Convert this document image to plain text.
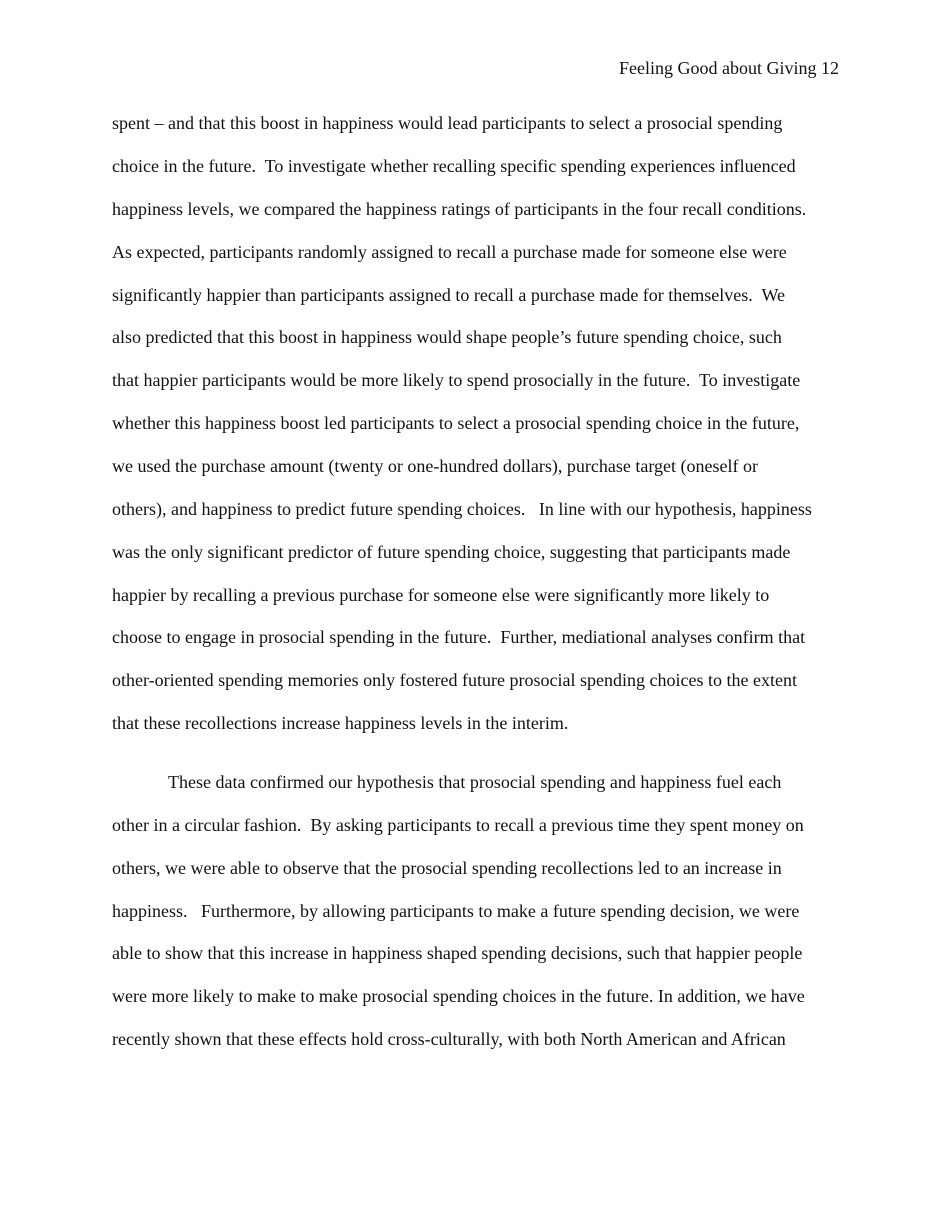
Feeling Good about Giving 12
spent – and that this boost in happiness would lead participants to select a prosocial spending
choice in the future.  To investigate whether recalling specific spending experiences influenced
happiness levels, we compared the happiness ratings of participants in the four recall conditions.
As expected, participants randomly assigned to recall a purchase made for someone else were
significantly happier than participants assigned to recall a purchase made for themselves.  We
also predicted that this boost in happiness would shape people’s future spending choice, such
that happier participants would be more likely to spend prosocially in the future.  To investigate
whether this happiness boost led participants to select a prosocial spending choice in the future,
we used the purchase amount (twenty or one-hundred dollars), purchase target (oneself or
others), and happiness to predict future spending choices.   In line with our hypothesis, happiness
was the only significant predictor of future spending choice, suggesting that participants made
happier by recalling a previous purchase for someone else were significantly more likely to
choose to engage in prosocial spending in the future.  Further, mediational analyses confirm that
other-oriented spending memories only fostered future prosocial spending choices to the extent
that these recollections increase happiness levels in the interim.
These data confirmed our hypothesis that prosocial spending and happiness fuel each
other in a circular fashion.  By asking participants to recall a previous time they spent money on
others, we were able to observe that the prosocial spending recollections led to an increase in
happiness.   Furthermore, by allowing participants to make a future spending decision, we were
able to show that this increase in happiness shaped spending decisions, such that happier people
were more likely to make to make prosocial spending choices in the future. In addition, we have
recently shown that these effects hold cross-culturally, with both North American and African
